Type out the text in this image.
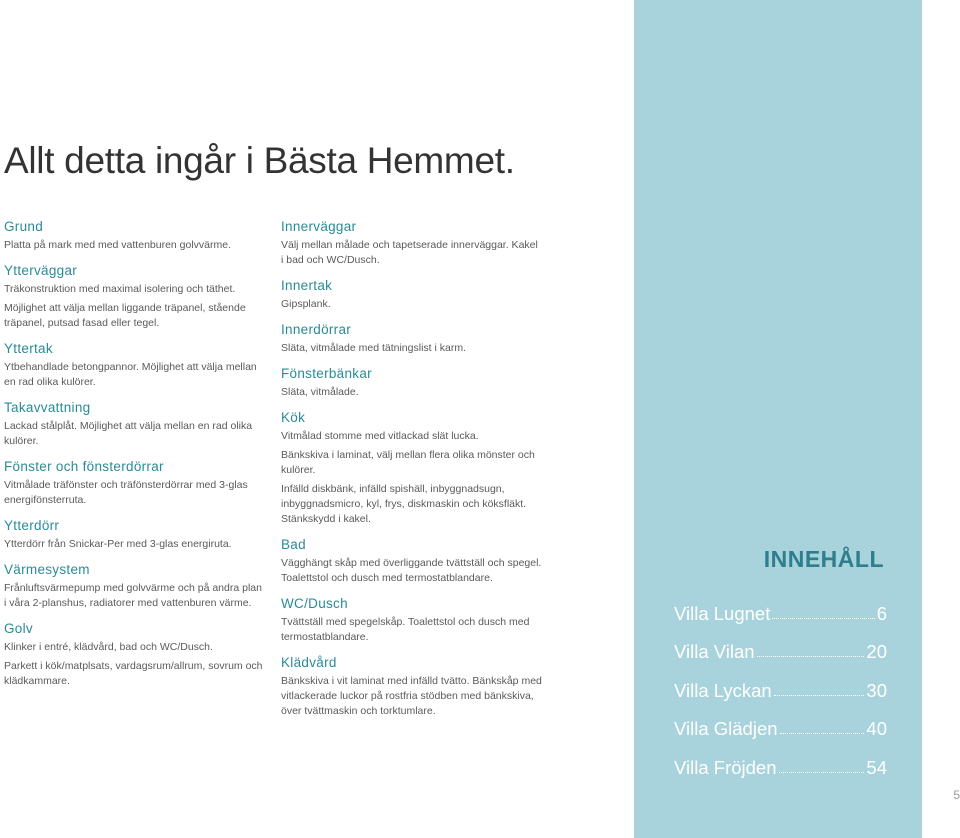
Allt detta ingår i Bästa Hemmet.
Grund

Platta på mark med med vattenburen golvvärme.

Ytterväggar

Träkonstruktion med maximal isolering och täthet.

Möjlighet att välja mellan liggande träpanel, stående träpanel, putsad fasad eller tegel.

Yttertak

Ytbehandlade betongpannor. Möjlighet att välja mellan en rad olika kulörer.

Takavvattning

Lackad stålplåt. Möjlighet att välja mellan en rad olika kulörer.

Fönster och fönsterdörrar

Vitmålade träfönster och träfönsterdörrar med 3-glas energifönsterruta.

Ytterdörr

Ytterdörr från Snickar-Per med 3-glas energiruta.

Värmesystem

Frånluftsvärmepump med golvvärme och på andra plan i våra 2-planshus, radiatorer med vattenburen värme.

Golv

Klinker i entré, klädvård, bad och WC/Dusch.

Parkett i kök/matplsats, vardagsrum/allrum, sovrum och klädkammare.

Innerväggar

Välj mellan målade och tapetserade innerväggar. Kakel i bad och WC/Dusch.

Innertak

Gipsplank.

Innerdörrar

Släta, vitmålade med tätningslist i karm.

Fönsterbänkar

Släta, vitmålade.

Kök

Vitmålad stomme med vitlackad slät lucka.

Bänkskiva i laminat, välj mellan flera olika mönster och kulörer.

Infälld diskbänk, infälld spishäll, inbyggnadsugn, inbyggnadsmicro, kyl, frys, diskmaskin och köksfläkt. Stänkskydd i kakel.

Bad

Vägghängt skåp med överliggande tvättställ och spegel. Toalettstol och dusch med termostatblandare.

WC/Dusch

Tvättställ med spegelskåp. Toalettstol och dusch med termostatblandare.

Klädvård

Bänkskiva i vit laminat med infälld tvätto. Bänkskåp med vitlackerade luckor på rostfria stödben med bänkskiva, över tvättmaskin och torktumlare.

INNEHÅLL
Villa Lugnet	6
Villa Vilan	20
Villa Lyckan	30
Villa Glädjen	40
Villa Fröjden	54
5
